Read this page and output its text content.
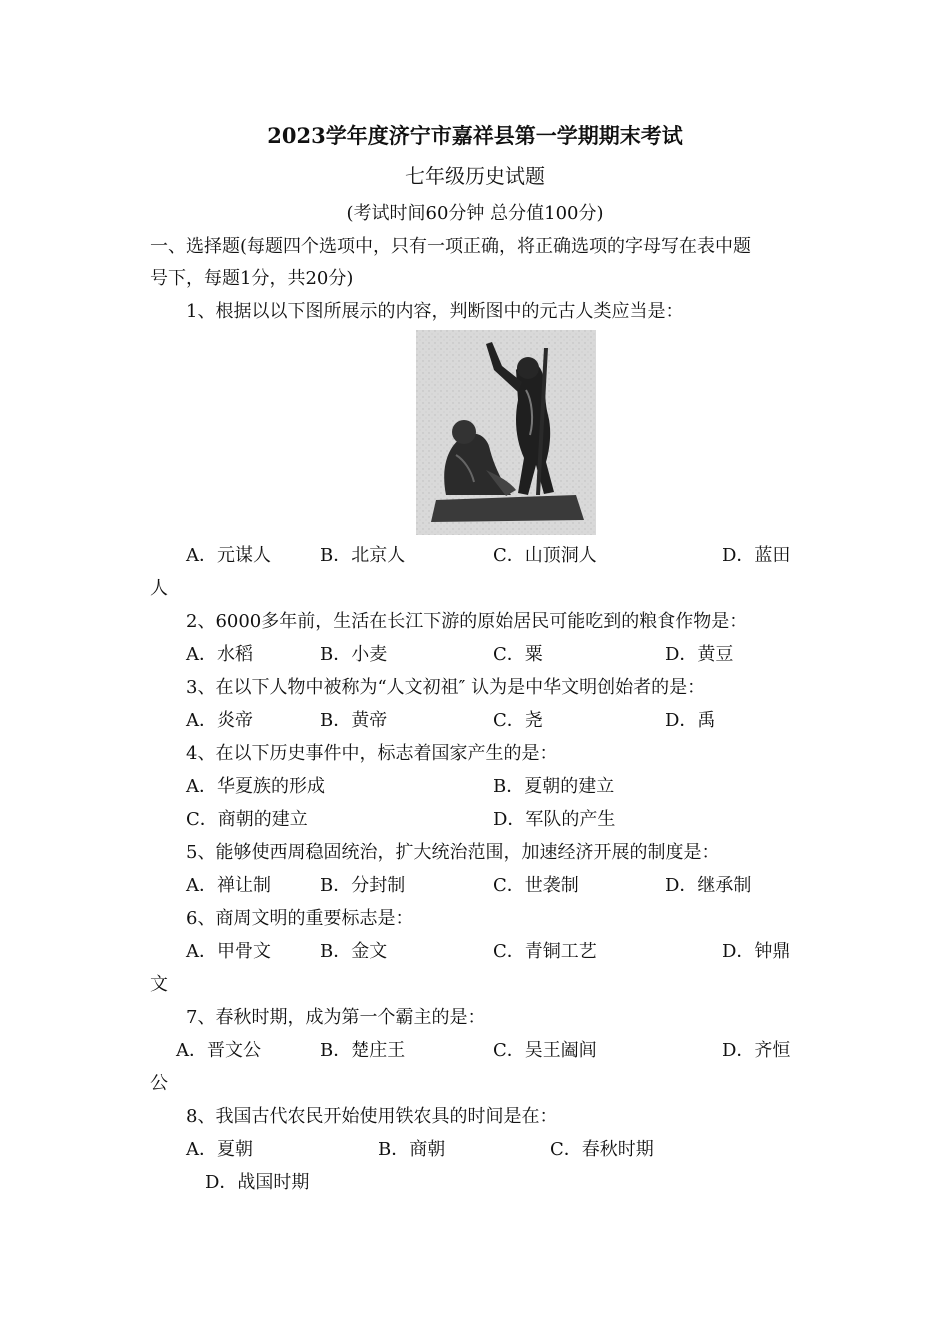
2023学年度济宁市嘉祥县第一学期期末考试
七年级历史试题
(考试时间60分钟 总分值100分)
一、选择题(每题四个选项中，只有一项正确，将正确选项的字母写在表中题
号下，每题1分，共20分)
1、根据以以下图所展示的内容，判断图中的元古人类应当是：
A．元谋人	B．北京人	C．山顶洞人	D．蓝田
人
2、6000多年前，生活在长江下游的原始居民可能吃到的粮食作物是：
A．水稻	B．小麦	C．粟	D．黄豆
3、在以下人物中被称为“人文初祖″ 认为是中华文明创始者的是：
A．炎帝	B．黄帝	C．尧	D．禹
4、在以下历史事件中，标志着国家产生的是：
A．华夏族的形成	B．夏朝的建立
C．商朝的建立	D．军队的产生
5、能够使西周稳固统治，扩大统治范围，加速经济开展的制度是：
A．禅让制	B．分封制	C．世袭制	D．继承制
6、商周文明的重要标志是：
A．甲骨文	B．金文	C．青铜工艺	D．钟鼎
文
7、春秋时期，成为第一个霸主的是：
A．晋文公	B．楚庄王	C．吴王阖闾	D．齐恒
公
8、我国古代农民开始使用铁农具的时间是在：
A．夏朝	B．商朝	C．春秋时期
D．战国时期
